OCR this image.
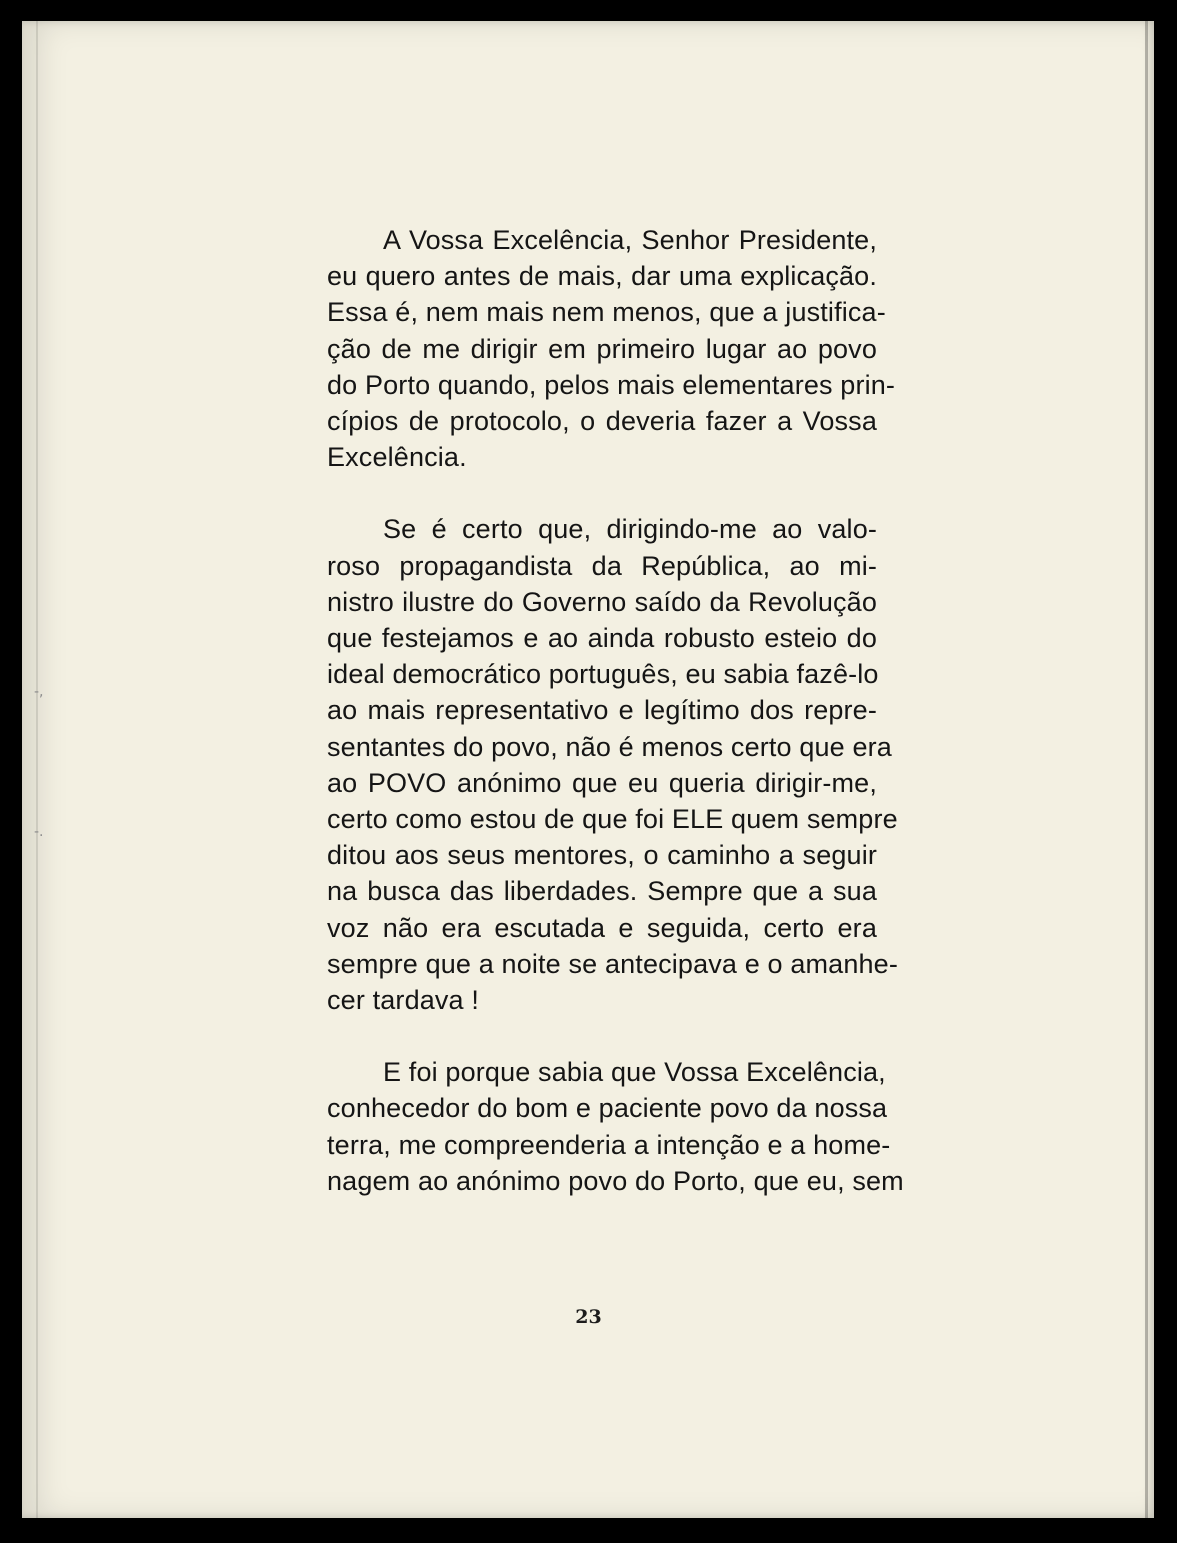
-,
-.
A Vossa Excelência, Senhor Presidente,
eu quero antes de mais, dar uma explicação.
Essa é, nem mais nem menos, que a justifica-
ção de me dirigir em primeiro lugar ao povo
do Porto quando, pelos mais elementares prin-
cípios de protocolo, o deveria fazer a Vossa
Excelência.
Se é certo que, dirigindo-me ao valo-
roso propagandista da República, ao mi-
nistro ilustre do Governo saído da Revolução
que festejamos e ao ainda robusto esteio do
ideal democrático português, eu sabia fazê-lo
ao mais representativo e legítimo dos repre-
sentantes do povo, não é menos certo que era
ao POVO anónimo que eu queria dirigir-me,
certo como estou de que foi ELE quem sempre
ditou aos seus mentores, o caminho a seguir
na busca das liberdades. Sempre que a sua
voz não era escutada e seguida, certo era
sempre que a noite se antecipava e o amanhe-
cer tardava !
E foi porque sabia que Vossa Excelência,
conhecedor do bom e paciente povo da nossa
terra, me compreenderia a intenção e a home-
nagem ao anónimo povo do Porto, que eu, sem
23
